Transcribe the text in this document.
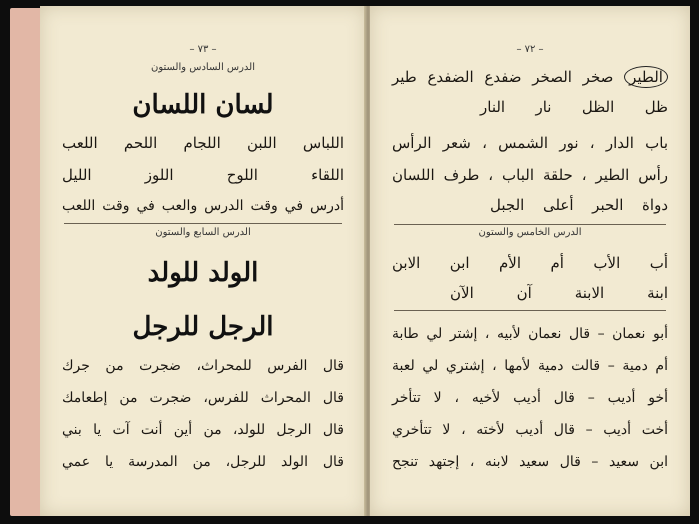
– ٧٣ –
الدرس السادس والستون
لسان اللسان
اللباس اللبن اللجام اللحم اللعب
اللقاء اللوح اللوز الليل
أدرس في وقت الدرس والعب في وقت اللعب
الدرس السابع والستون
الولد للولد
الرجل للرجل
قال الفرس للمحراث، ضجرت من جرك
قال المحراث للفرس، ضجرت من إطعامك
قال الرجل للولد، من أين أنت آت يا بني
قال الولد للرجل، من المدرسة يا عمي
– ٧٢ –
الطير صخر الصخر ضفدع الضفدع طير
ظل الظل نار النار
باب الدار ، نور الشمس ، شعر الرأس
رأس الطير ، حلقة الباب ، طرف اللسان
دواة الحبر أعلى الجبل
الدرس الخامس والستون
أب الأب أم الأم ابن الابن
ابنة الابنة آن الآن
أبو نعمان – قال نعمان لأبيه ، إشتر لي طابة
أم دمية – قالت دمية لأمها ، إشتري لي لعبة
أخو أديب – قال أديب لأخيه ، لا تتأخر
أخت أديب – قال أديب لأخته ، لا تتأخري
ابن سعيد – قال سعيد لابنه ، إجتهد تنجح
